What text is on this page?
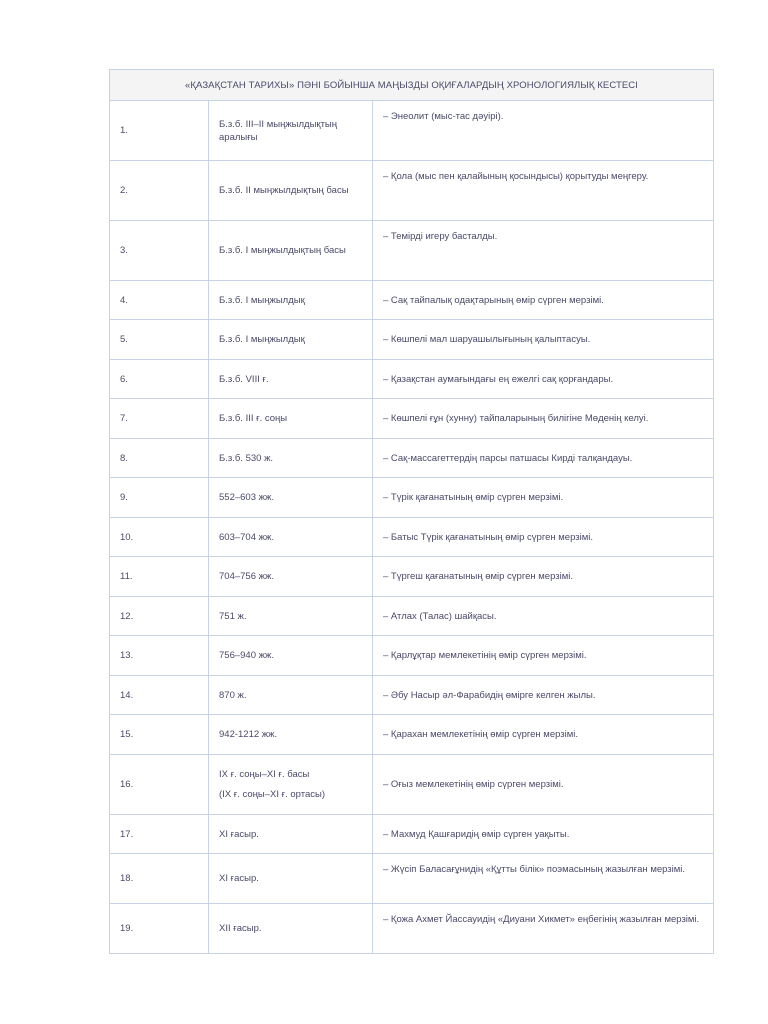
«ҚАЗАҚСТАН ТАРИХЫ» ПӘНІ БОЙЫНША МАҢЫЗДЫ ОҚИҒАЛАРДЫҢ ХРОНОЛОГИЯЛЫҚ КЕСТЕСІ		
1.	Б.з.б. III–II мыңжылдықтың аралығы	– Энеолит (мыс-тас дәуірі).
2.	Б.з.б. II мыңжылдықтың басы	– Қола (мыс пен қалайының қосындысы) қорытуды меңгеру.
3.	Б.з.б. I мыңжылдықтың басы	– Темірді игеру басталды.
4.	Б.з.б. I мыңжылдық	– Сақ тайпалық одақтарының өмір сүрген мерзімі.
5.	Б.з.б. I мыңжылдық	– Көшпелі мал шаруашылығының қалыптасуы.
6.	Б.з.б. VIII ғ.	– Қазақстан аумағындағы ең ежелгі сақ қорғандары.
7.	Б.з.б. III ғ. соңы	– Көшпелі ғұн (хунну) тайпаларының билігіне Мөденің келуі.
8.	Б.з.б. 530 ж.	– Сақ-массагеттердің парсы патшасы Кирді талқандауы.
9.	552–603 жж.	– Түрік қағанатының өмір сүрген мерзімі.
10.	603–704 жж.	– Батыс Түрік қағанатының өмір сүрген мерзімі.
11.	704–756 жж.	– Түргеш қағанатының өмір сүрген мерзімі.
12.	751 ж.	– Атлах (Талас) шайқасы.
13.	756–940 жж.	– Қарлұқтар мемлекетінің өмір сүрген мерзімі.
14.	870 ж.	– Әбу Насыр әл-Фарабидің өмірге келген жылы.
15.	942-1212 жж.	– Қарахан мемлекетінің өмір сүрген мерзімі.
16.	IX ғ. соңы–XI ғ. басы
(IX ғ. соңы–XI ғ. ортасы)	– Оғыз мемлекетінің өмір сүрген мерзімі.
17.	XI ғасыр.	– Махмуд Қашғаридің өмір сүрген уақыты.
18.	XI ғасыр.	– Жүсіп Баласағұнидің «Құтты білік» поэмасының жазылған мерзімі.
19.	XII ғасыр.	– Қожа Ахмет Йассауидің «Диуани Хикмет» еңбегінің жазылған мерзімі.
